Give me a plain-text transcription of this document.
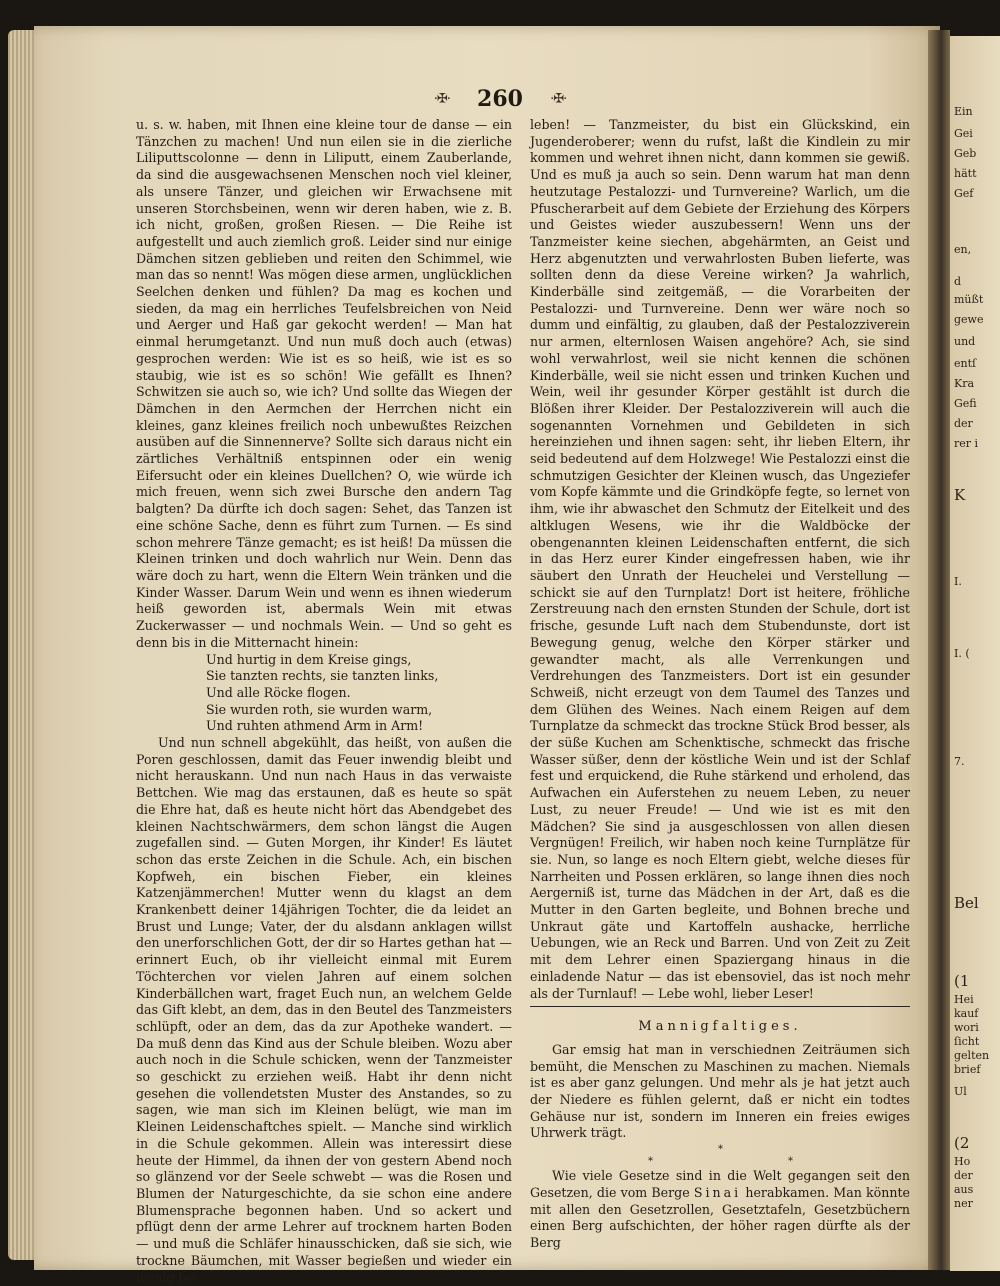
Ein
Gei
Geb
hätt
Gef
en,
d
müßt
gewe
und
entſ
Kra
Gefi
der
rer i
K
I.
I. (
7.
Bel
(1
Hei
kauf
wori
ſicht
gelten
brief
Ul
(2
Ho
der
aus
ner
·✠· 260 ·✠·

u. s. w. haben, mit Ihnen eine kleine tour de danse — ein Tänzchen zu machen! Und nun eilen sie in die zierliche Liliputtscolonne — denn in Liliputt, einem Zauberlande, da sind die ausgewachsenen Menschen noch viel kleiner, als unsere Tänzer, und gleichen wir Erwachsene mit unseren Storchsbeinen, wenn wir deren haben, wie z. B. ich nicht, großen, großen Riesen. — Die Reihe ist aufgestellt und auch ziemlich groß. Leider sind nur einige Dämchen sitzen geblieben und reiten den Schimmel, wie man das so nennt! Was mögen diese armen, unglücklichen Seelchen denken und fühlen? Da mag es kochen und sieden, da mag ein herrliches Teufelsbreichen von Neid und Aerger und Haß gar gekocht werden! — Man hat einmal herumgetanzt. Und nun muß doch auch (etwas) gesprochen werden: Wie ist es so heiß, wie ist es so staubig, wie ist es so schön! Wie gefällt es Ihnen? Schwitzen sie auch so, wie ich? Und sollte das Wiegen der Dämchen in den Aermchen der Herrchen nicht ein kleines, ganz kleines freilich noch unbewußtes Reizchen ausüben auf die Sinnennerve? Sollte sich daraus nicht ein zärtliches Verhältniß entspinnen oder ein wenig Eifersucht oder ein kleines Duellchen? O, wie würde ich mich freuen, wenn sich zwei Bursche den andern Tag balgten? Da dürfte ich doch sagen: Sehet, das Tanzen ist eine schöne Sache, denn es führt zum Turnen. — Es sind schon mehrere Tänze gemacht; es ist heiß! Da müssen die Kleinen trinken und doch wahrlich nur Wein. Denn das wäre doch zu hart, wenn die Eltern Wein tränken und die Kinder Wasser. Darum Wein und wenn es ihnen wiederum heiß geworden ist, abermals Wein mit etwas Zuckerwasser — und nochmals Wein. — Und so geht es denn bis in die Mitternacht hinein:

Und hurtig in dem Kreise gings,
Sie tanzten rechts, sie tanzten links,
Und alle Röcke flogen.
Sie wurden roth, sie wurden warm,
Und ruhten athmend Arm in Arm!

Und nun schnell abgekühlt, das heißt, von außen die Poren geschlossen, damit das Feuer inwendig bleibt und nicht herauskann. Und nun nach Haus in das verwaiste Bettchen. Wie mag das erstaunen, daß es heute so spät die Ehre hat, daß es heute nicht hört das Abendgebet des kleinen Nachtschwärmers, dem schon längst die Augen zugefallen sind. — Guten Morgen, ihr Kinder! Es läutet schon das erste Zeichen in die Schule. Ach, ein bischen Kopfweh, ein bischen Fieber, ein kleines Katzenjämmerchen! Mutter wenn du klagst an dem Krankenbett deiner 14jährigen Tochter, die da leidet an Brust und Lunge; Vater, der du alsdann anklagen willst den unerforschlichen Gott, der dir so Hartes gethan hat — erinnert Euch, ob ihr vielleicht einmal mit Eurem Töchterchen vor vielen Jahren auf einem solchen Kinderbällchen wart, fraget Euch nun, an welchem Gelde das Gift klebt, an dem, das in den Beutel des Tanzmeisters schlüpft, oder an dem, das da zur Apotheke wandert. — Da muß denn das Kind aus der Schule bleiben. Wozu aber auch noch in die Schule schicken, wenn der Tanzmeister so geschickt zu erziehen weiß. Habt ihr denn nicht gesehen die vollendetsten Muster des Anstandes, so zu sagen, wie man sich im Kleinen belügt, wie man im Kleinen Leidenschaftches spielt. — Manche sind wirklich in die Schule gekommen. Allein was interessirt diese heute der Himmel, da ihnen der von gestern Abend noch so glänzend vor der Seele schwebt — was die Rosen und Blumen der Naturgeschichte, da sie schon eine andere Blumensprache begonnen haben. Und so ackert und pflügt denn der arme Lehrer auf trocknem harten Boden — und muß die Schläfer hinausschicken, daß sie sich, wie trockne Bäumchen, mit Wasser begießen und wieder ein wenig be-

leben! — Tanzmeister, du bist ein Glückskind, ein Jugenderoberer; wenn du rufst, laßt die Kindlein zu mir kommen und wehret ihnen nicht, dann kommen sie gewiß. Und es muß ja auch so sein. Denn warum hat man denn heutzutage Pestalozzi- und Turnvereine? Warlich, um die Pfuscherarbeit auf dem Gebiete der Erziehung des Körpers und Geistes wieder auszubessern! Wenn uns der Tanzmeister keine siechen, abgehärmten, an Geist und Herz abgenutzten und verwahrlosten Buben lieferte, was sollten denn da diese Vereine wirken? Ja wahrlich, Kinderbälle sind zeitgemäß, — die Vorarbeiten der Pestalozzi- und Turnvereine. Denn wer wäre noch so dumm und einfältig, zu glauben, daß der Pestalozziverein nur armen, elternlosen Waisen angehöre? Ach, sie sind wohl verwahrlost, weil sie nicht kennen die schönen Kinderbälle, weil sie nicht essen und trinken Kuchen und Wein, weil ihr gesunder Körper gestählt ist durch die Blößen ihrer Kleider. Der Pestalozziverein will auch die sogenannten Vornehmen und Gebildeten in sich hereinziehen und ihnen sagen: seht, ihr lieben Eltern, ihr seid bedeutend auf dem Holzwege! Wie Pestalozzi einst die schmutzigen Gesichter der Kleinen wusch, das Ungeziefer vom Kopfe kämmte und die Grindköpfe fegte, so lernet von ihm, wie ihr abwaschet den Schmutz der Eitelkeit und des altklugen Wesens, wie ihr die Waldböcke der obengenannten kleinen Leidenschaften entfernt, die sich in das Herz eurer Kinder eingefressen haben, wie ihr säubert den Unrath der Heuchelei und Verstellung — schickt sie auf den Turnplatz! Dort ist heitere, fröhliche Zerstreuung nach den ernsten Stunden der Schule, dort ist frische, gesunde Luft nach dem Stubendunste, dort ist Bewegung genug, welche den Körper stärker und gewandter macht, als alle Verrenkungen und Verdrehungen des Tanzmeisters. Dort ist ein gesunder Schweiß, nicht erzeugt von dem Taumel des Tanzes und dem Glühen des Weines. Nach einem Reigen auf dem Turnplatze da schmeckt das trockne Stück Brod besser, als der süße Kuchen am Schenktische, schmeckt das frische Wasser süßer, denn der köstliche Wein und ist der Schlaf fest und erquickend, die Ruhe stärkend und erholend, das Aufwachen ein Auferstehen zu neuem Leben, zu neuer Lust, zu neuer Freude! — Und wie ist es mit den Mädchen? Sie sind ja ausgeschlossen von allen diesen Vergnügen! Freilich, wir haben noch keine Turnplätze für sie. Nun, so lange es noch Eltern giebt, welche dieses für Narrheiten und Possen erklären, so lange ihnen dies noch Aergerniß ist, turne das Mädchen in der Art, daß es die Mutter in den Garten begleite, und Bohnen breche und Unkraut gäte und Kartoffeln aushacke, herrliche Uebungen, wie an Reck und Barren. Und von Zeit zu Zeit mit dem Lehrer einen Spaziergang hinaus in die einladende Natur — das ist ebensoviel, das ist noch mehr als der Turnlauf! — Lebe wohl, lieber Leser!

Mannigfaltiges.

Gar emsig hat man in verschiednen Zeiträumen sich bemüht, die Menschen zu Maschinen zu machen. Niemals ist es aber ganz gelungen. Und mehr als je hat jetzt auch der Niedere es fühlen gelernt, daß er nicht ein todtes Gehäuse nur ist, sondern im Inneren ein freies ewiges Uhrwerk trägt.

*
*	*

Wie viele Gesetze sind in die Welt gegangen seit den Gesetzen, die vom Berge Sinai herabkamen. Man könnte mit allen den Gesetzrollen, Gesetztafeln, Gesetzbüchern einen Berg aufschichten, der höher ragen dürfte als der Berg
